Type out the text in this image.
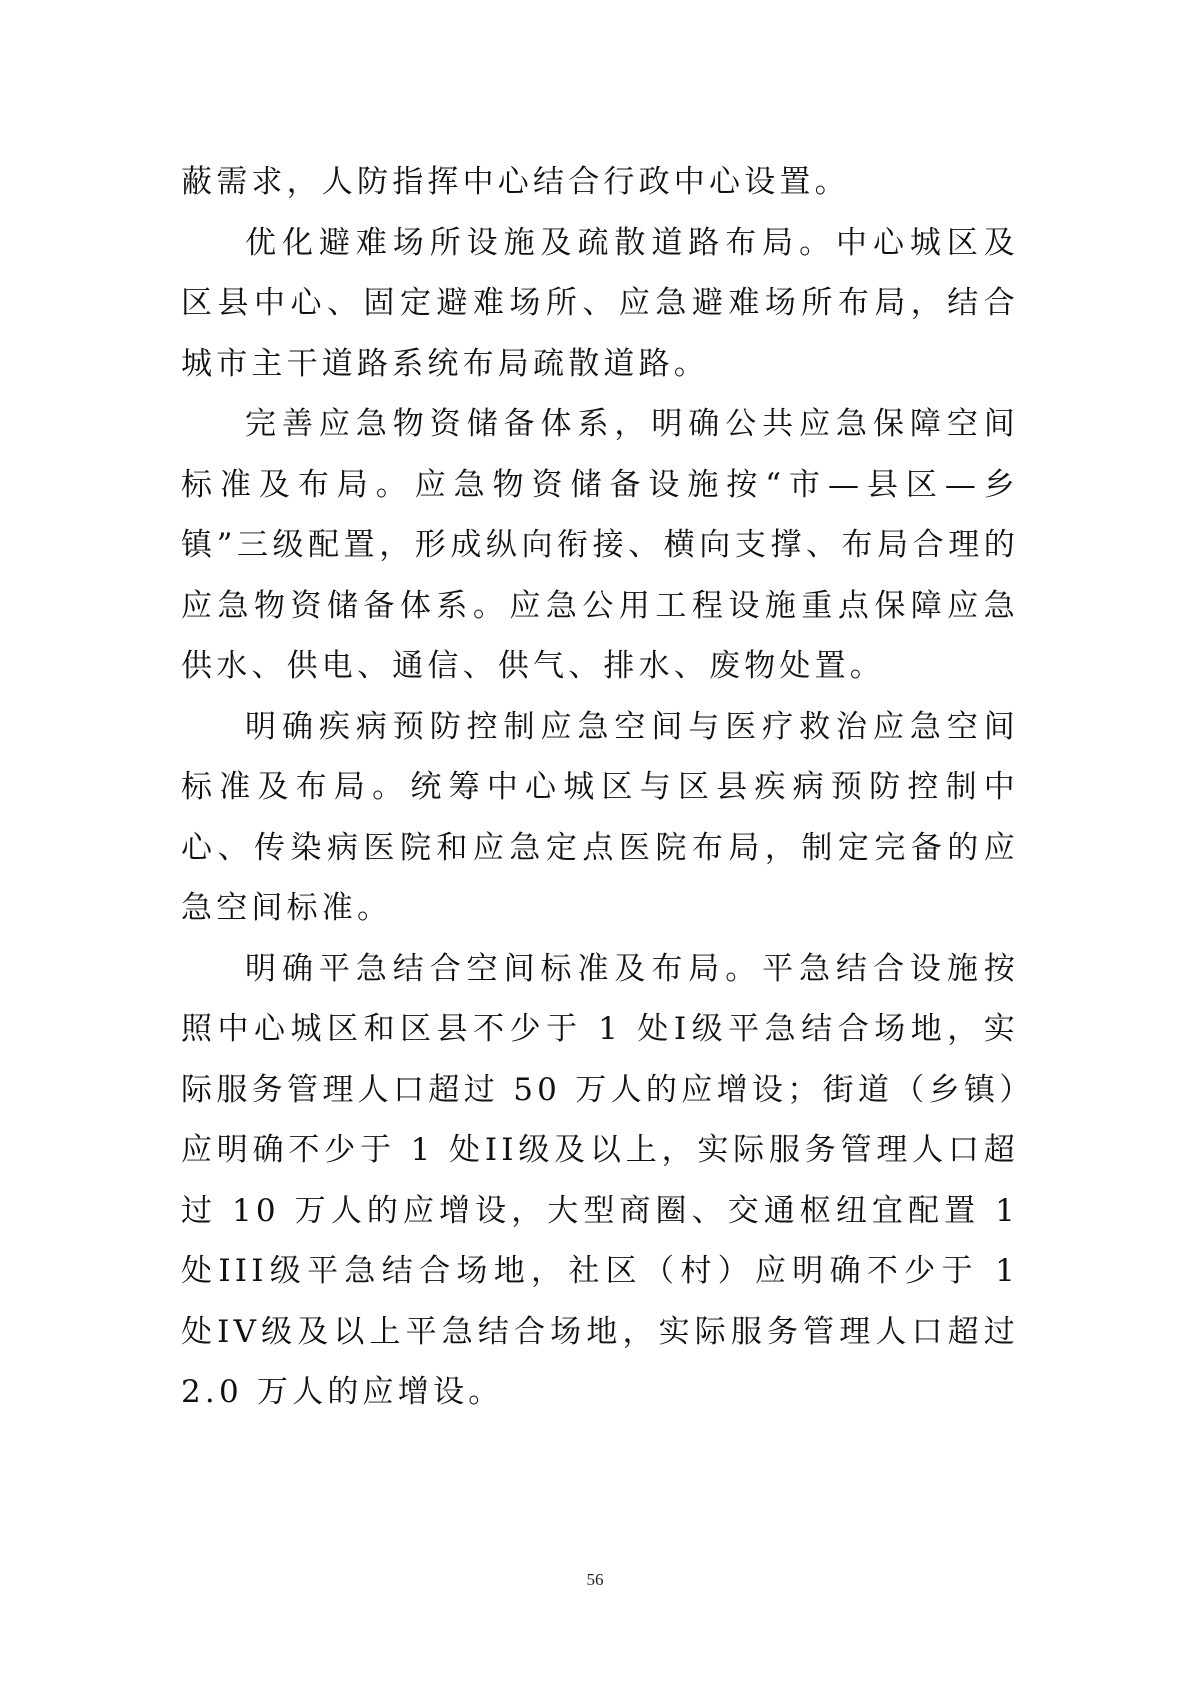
蔽需求，人防指挥中心结合行政中心设置。

优化避难场所设施及疏散道路布局。中心城区及区县中心、固定避难场所、应急避难场所布局，结合城市主干道路系统布局疏散道路。

完善应急物资储备体系，明确公共应急保障空间标准及布局。应急物资储备设施按“市—县区—乡镇”三级配置，形成纵向衔接、横向支撑、布局合理的应急物资储备体系。应急公用工程设施重点保障应急供水、供电、通信、供气、排水、废物处置。

明确疾病预防控制应急空间与医疗救治应急空间标准及布局。统筹中心城区与区县疾病预防控制中心、传染病医院和应急定点医院布局，制定完备的应急空间标准。

明确平急结合空间标准及布局。平急结合设施按照中心城区和区县不少于 1 处I级平急结合场地，实际服务管理人口超过 50 万人的应增设；街道（乡镇）应明确不少于 1 处II级及以上，实际服务管理人口超过 10 万人的应增设，大型商圈、交通枢纽宜配置 1 处III级平急结合场地，社区（村）应明确不少于 1 处IV级及以上平急结合场地，实际服务管理人口超过 2.0 万人的应增设。

56
